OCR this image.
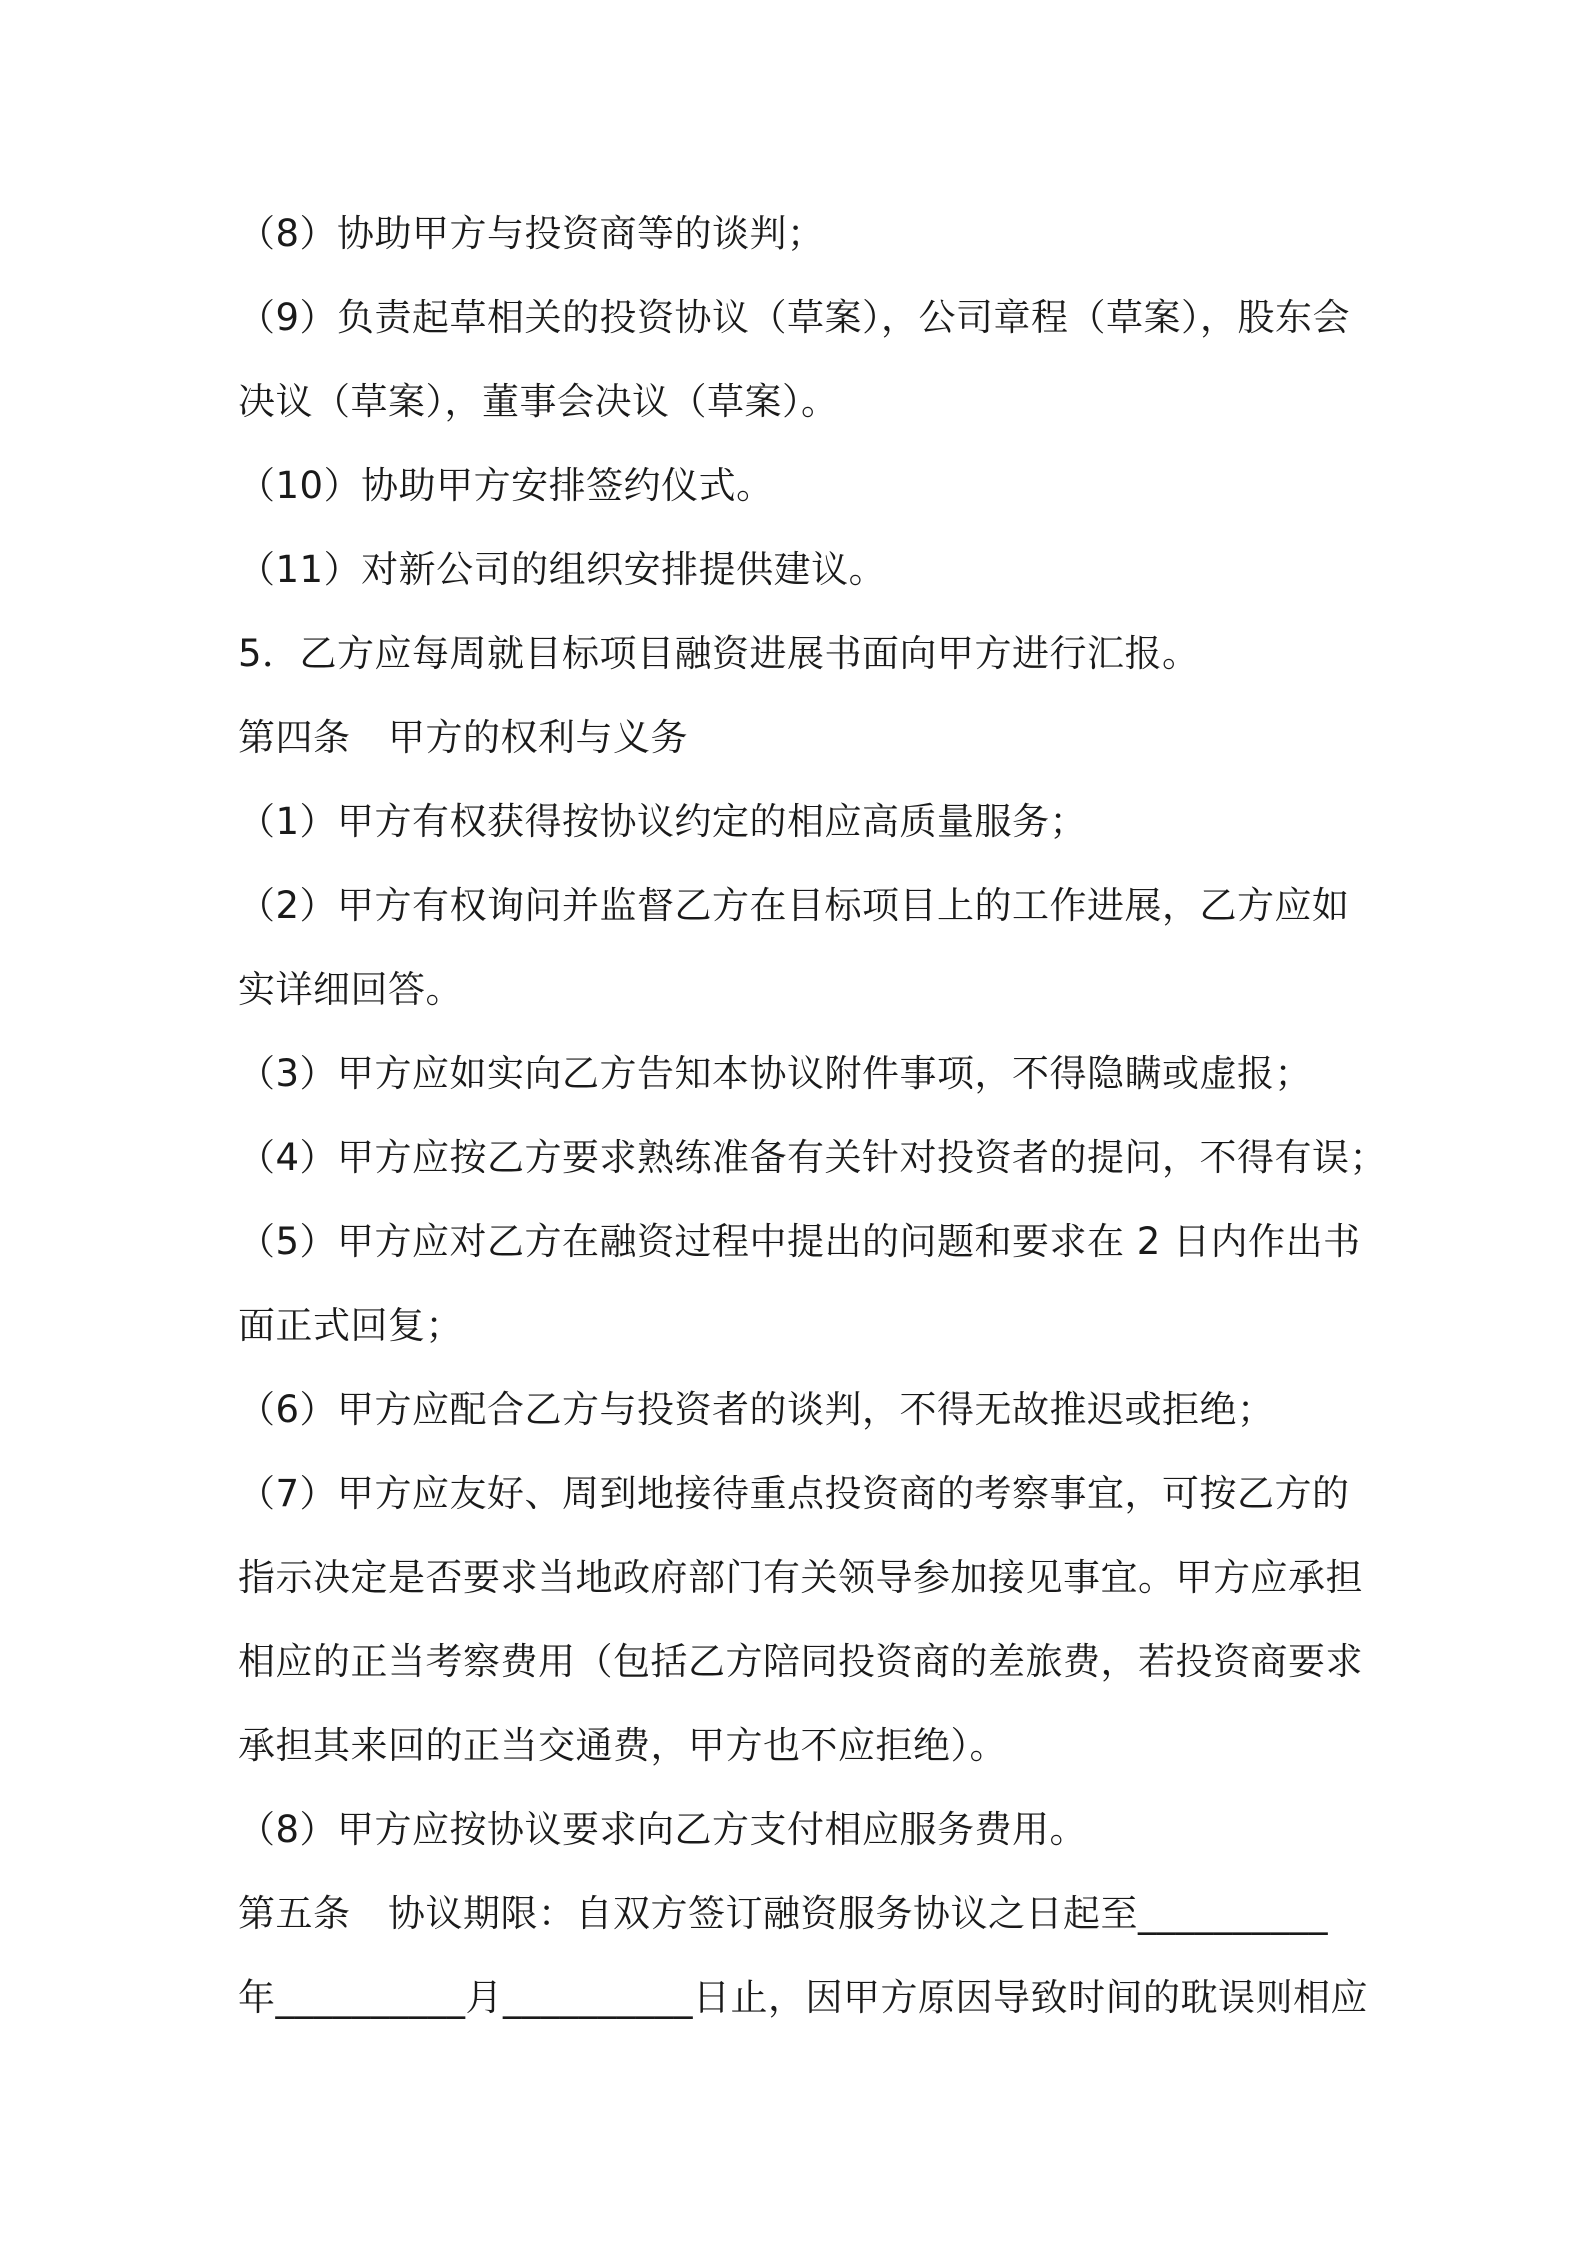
（8）协助甲方与投资商等的谈判；
（9）负责起草相关的投资协议（草案），公司章程（草案），股东会
决议（草案），董事会决议（草案）。
（10）协助甲方安排签约仪式。
（11）对新公司的组织安排提供建议。
5．乙方应每周就目标项目融资进展书面向甲方进行汇报。
第四条　甲方的权利与义务
（1）甲方有权获得按协议约定的相应高质量服务；
（2）甲方有权询问并监督乙方在目标项目上的工作进展，乙方应如
实详细回答。
（3）甲方应如实向乙方告知本协议附件事项，不得隐瞒或虚报；
（4）甲方应按乙方要求熟练准备有关针对投资者的提问，不得有误；
（5）甲方应对乙方在融资过程中提出的问题和要求在 2 日内作出书
面正式回复；
（6）甲方应配合乙方与投资者的谈判，不得无故推迟或拒绝；
（7）甲方应友好、周到地接待重点投资商的考察事宜，可按乙方的
指示决定是否要求当地政府部门有关领导参加接见事宜。甲方应承担
相应的正当考察费用（包括乙方陪同投资商的差旅费，若投资商要求
承担其来回的正当交通费，甲方也不应拒绝）。
（8）甲方应按协议要求向乙方支付相应服务费用。
第五条　协议期限：自双方签订融资服务协议之日起至__________
年__________月__________日止，因甲方原因导致时间的耽误则相应
